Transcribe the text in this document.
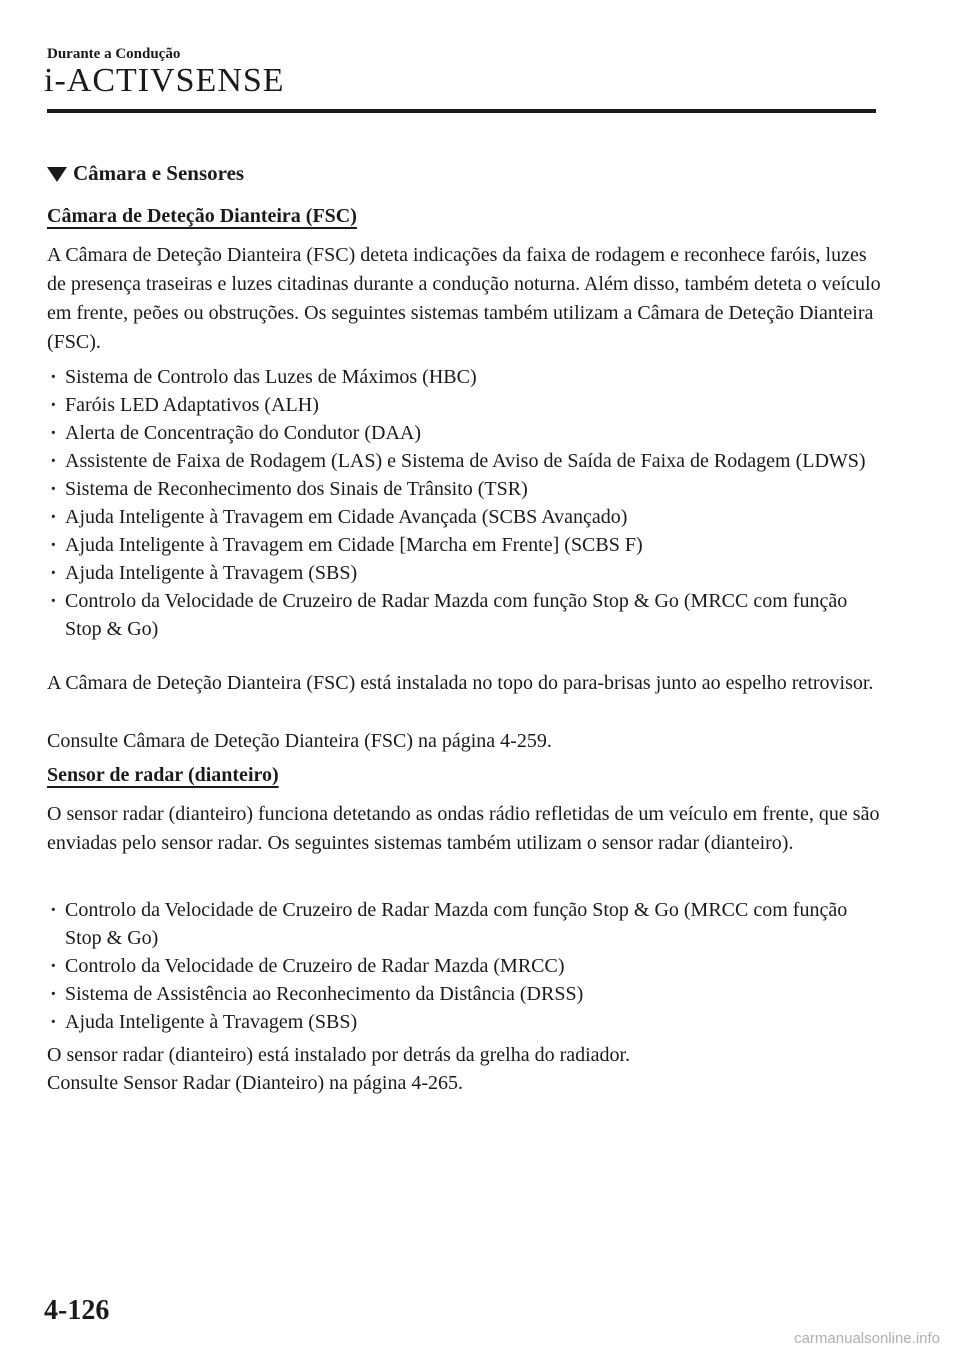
Durante a Condução
i-ACTIVSENSE
Câmara e Sensores
Câmara de Deteção Dianteira (FSC)

A Câmara de Deteção Dianteira (FSC) deteta indicações da faixa de rodagem e reconhece faróis, luzes de presença traseiras e luzes citadinas durante a condução noturna. Além disso, também deteta o veículo em frente, peões ou obstruções. Os seguintes sistemas também utilizam a Câmara de Deteção Dianteira (FSC).

· Sistema de Controlo das Luzes de Máximos (HBC)
· Faróis LED Adaptativos (ALH)
· Alerta de Concentração do Condutor (DAA)
· Assistente de Faixa de Rodagem (LAS) e Sistema de Aviso de Saída de Faixa de Rodagem (LDWS)
· Sistema de Reconhecimento dos Sinais de Trânsito (TSR)
· Ajuda Inteligente à Travagem em Cidade Avançada (SCBS Avançado)
· Ajuda Inteligente à Travagem em Cidade [Marcha em Frente] (SCBS F)
· Ajuda Inteligente à Travagem (SBS)
· Controlo da Velocidade de Cruzeiro de Radar Mazda com função Stop & Go (MRCC com função Stop & Go)

A Câmara de Deteção Dianteira (FSC) está instalada no topo do para-brisas junto ao espelho retrovisor.

Consulte Câmara de Deteção Dianteira (FSC) na página 4-259.

Sensor de radar (dianteiro)

O sensor radar (dianteiro) funciona detetando as ondas rádio refletidas de um veículo em frente, que são enviadas pelo sensor radar. Os seguintes sistemas também utilizam o sensor radar (dianteiro).

· Controlo da Velocidade de Cruzeiro de Radar Mazda com função Stop & Go (MRCC com função Stop & Go)
· Controlo da Velocidade de Cruzeiro de Radar Mazda (MRCC)
· Sistema de Assistência ao Reconhecimento da Distância (DRSS)
· Ajuda Inteligente à Travagem (SBS)

O sensor radar (dianteiro) está instalado por detrás da grelha do radiador.

Consulte Sensor Radar (Dianteiro) na página 4-265.

4-126
carmanualsonline.info
